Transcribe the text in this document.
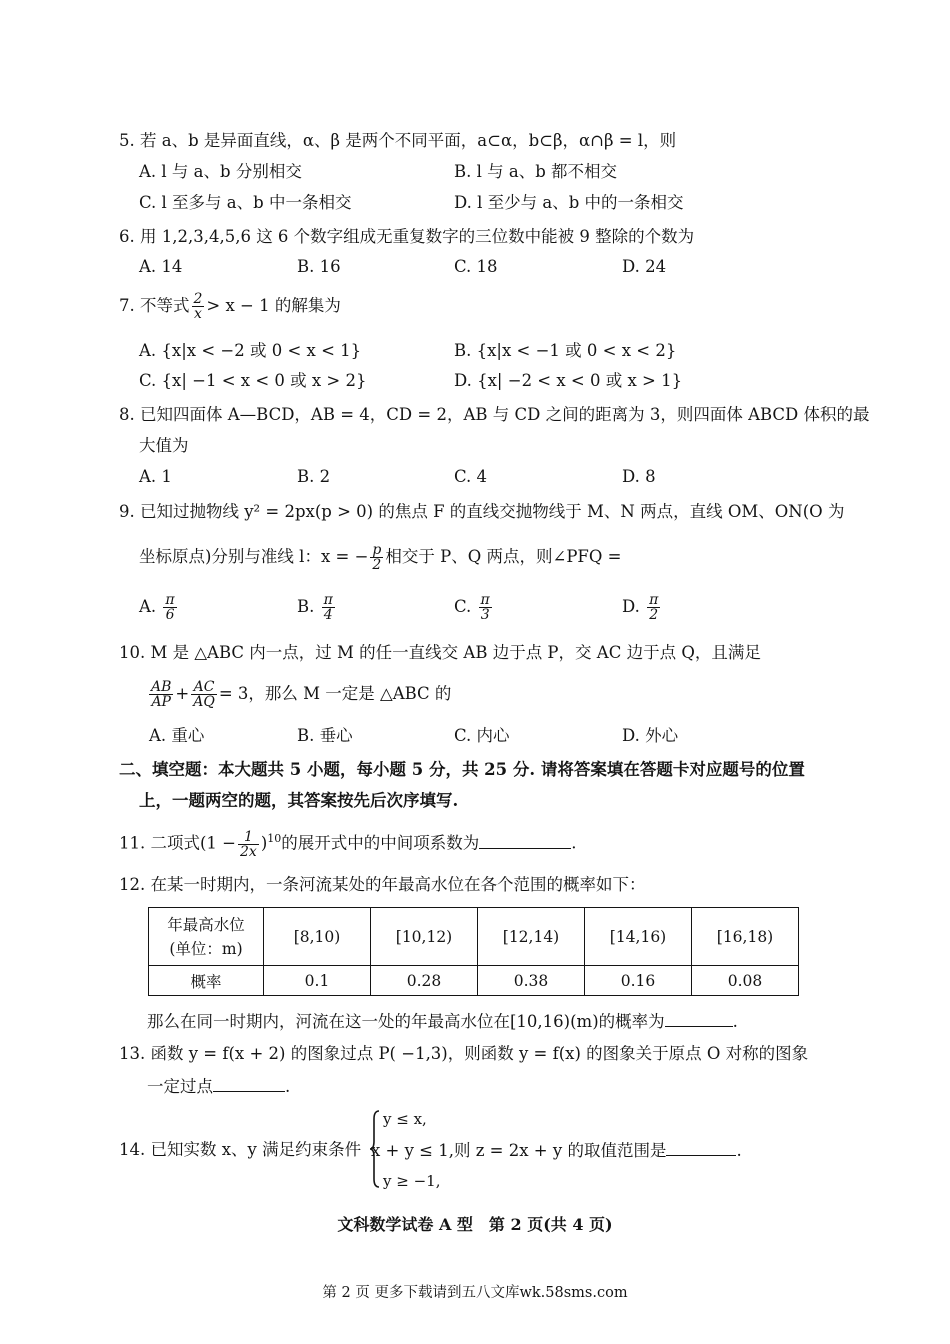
5. 若 a、b 是异面直线，α、β 是两个不同平面，a⊂α，b⊂β，α∩β = l，则
A. l 与 a、b 分别相交	B. l 与 a、b 都不相交
C. l 至多与 a、b 中一条相交	D. l 至少与 a、b 中的一条相交
6. 用 1,2,3,4,5,6 这 6 个数字组成无重复数字的三位数中能被 9 整除的个数为
A. 14	B. 16	C. 18	D. 24
7. 不等式 $\frac{2}{x} > x - 1$ 的解集为
A. {x|x < −2 或 0 < x < 1}	B. {x|x < −1 或 0 < x < 2}
C. {x| −1 < x < 0 或 x > 2}	D. {x| −2 < x < 0 或 x > 1}
8. 已知四面体 A—BCD，AB = 4，CD = 2，AB 与 CD 之间的距离为 3，则四面体 ABCD 体积的最
大值为
A. 1	B. 2	C. 4	D. 8
9. 已知过抛物线 y² = 2px(p > 0) 的焦点 F 的直线交抛物线于 M、N 两点，直线 OM、ON(O 为
坐标原点)分别与准线 l：x = − $\frac{p}{2}$ 相交于 P、Q 两点，则∠PFQ =
A. $\frac{\pi}{6}$	B. $\frac{\pi}{4}$	C. $\frac{\pi}{3}$	D. $\frac{\pi}{2}$
10. M 是 △ABC 内一点，过 M 的任一直线交 AB 边于点 P，交 AC 边于点 Q，且满足
$\frac{AB}{AP} + \frac{AC}{AQ} = 3$，那么 M 一定是 △ABC 的
A. 重心	B. 垂心	C. 内心	D. 外心
二、填空题：本大题共 5 小题，每小题 5 分，共 25 分. 请将答案填在答题卡对应题号的位置
上，一题两空的题，其答案按先后次序填写.
11. 二项式$(1 - \frac{1}{2x} )^{10}$的展开式中的中间项系数为	.
12. 在某一时期内，一条河流某处的年最高水位在各个范围的概率如下：
年最高水位
(单位：m)	[8,10)	[10,12)	[12,14)	[14,16)	[16,18)
概率	0.1	0.28	0.38	0.16	0.08
那么在同一时期内，河流在这一处的年最高水位在[10,16)(m)的概率为	.
13. 函数 y = f(x + 2) 的图象过点 P( −1,3)，则函数 y = f(x) 的图象关于原点 O 对称的图象
一定过点	.
y ≤ x,
14. 已知实数 x、y 满足约束条件 x + y ≤ 1,则 z = 2x + y 的取值范围是	.
y ≥ −1,
文科数学试卷 A 型　第 2 页(共 4 页)
第 2 页 更多下载请到五八文库wk.58sms.com
